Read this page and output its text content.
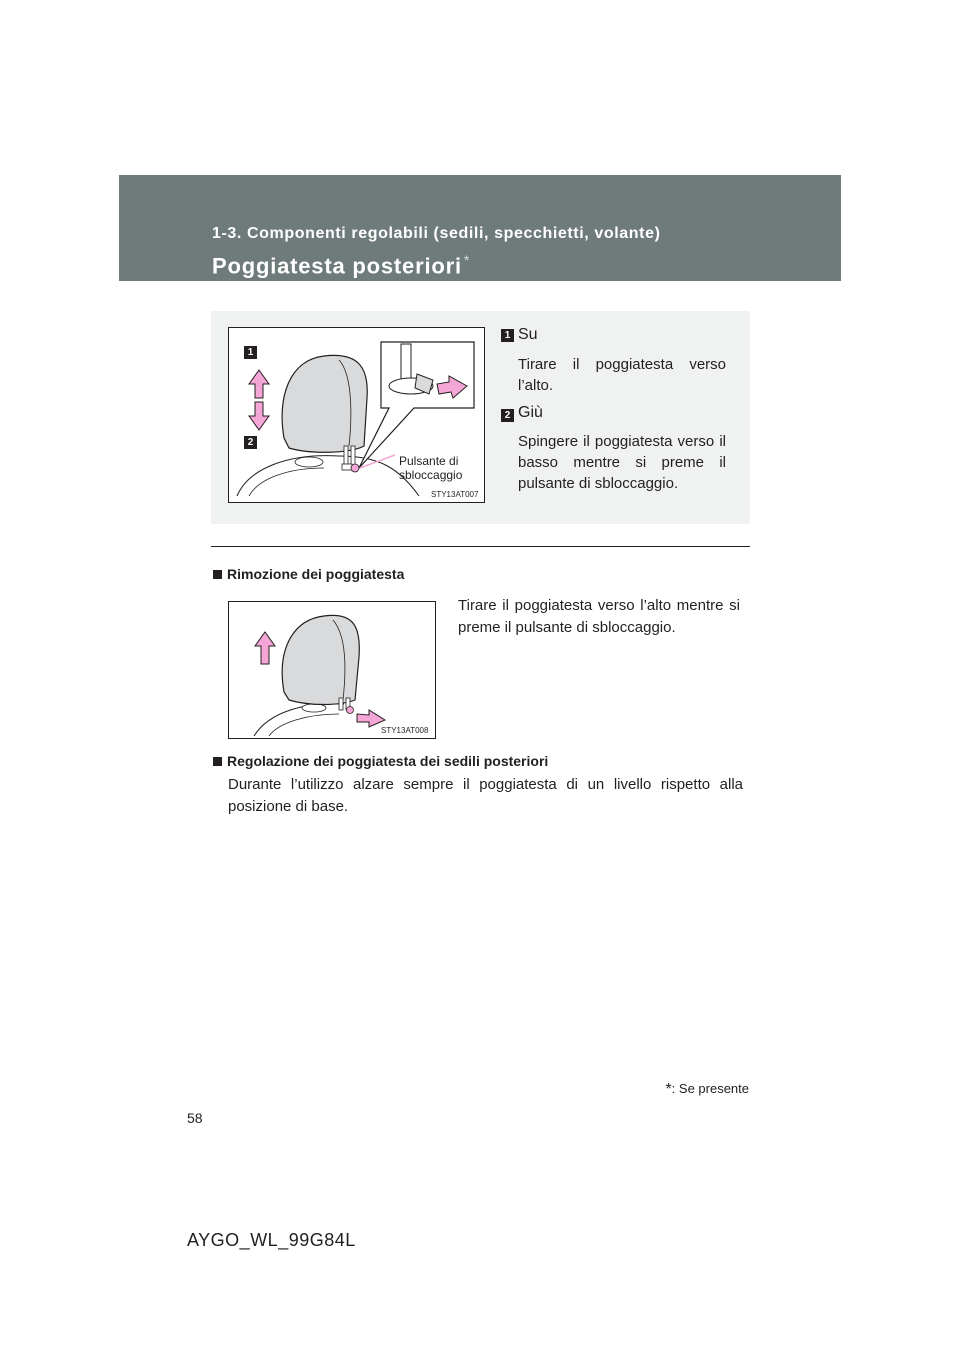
1-3. Componenti regolabili (sedili, specchietti, volante)
Poggiatesta posteriori *
1
2
Pulsante di
sbloccaggio
STY13AT007
1 Su
Tirare il poggiatesta verso l’alto.
2 Giù
Spingere il poggiatesta verso il basso mentre si preme il pulsante di sbloccaggio.
Rimozione dei poggiatesta
STY13AT008
Tirare il poggiatesta verso l’alto mentre si preme il pulsante di sbloccaggio.
Regolazione dei poggiatesta dei sedili posteriori
Durante l’utilizzo alzare sempre il poggiatesta di un livello rispetto alla posizione di base.
*: Se presente
58
AYGO_WL_99G84L
